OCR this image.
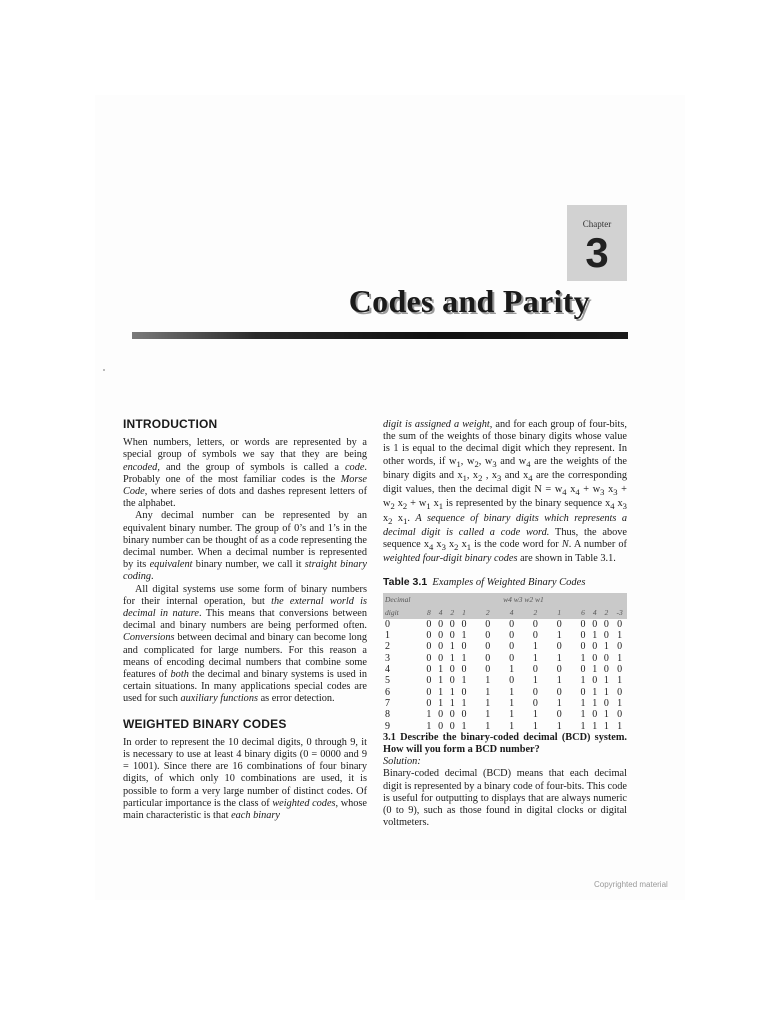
Chapter
3
Codes and Parity
INTRODUCTION

When numbers, letters, or words are represented by a special group of symbols we say that they are being encoded, and the group of symbols is called a code. Probably one of the most familiar codes is the Morse Code, where series of dots and dashes represent letters of the alphabet.

Any decimal number can be represented by an equivalent binary number. The group of 0’s and 1’s in the binary number can be thought of as a code representing the decimal number. When a decimal number is represented by its equivalent binary number, we call it straight binary coding.

All digital systems use some form of binary numbers for their internal operation, but the external world is decimal in nature. This means that conversions between decimal and binary numbers are being performed often. Conversions between decimal and binary can become long and complicated for large numbers. For this reason a means of encoding decimal numbers that combine some features of both the decimal and binary systems is used in certain situations. In many applications special codes are used for such auxiliary functions as error detection.

WEIGHTED BINARY CODES

In order to represent the 10 decimal digits, 0 through 9, it is necessary to use at least 4 binary digits (0 = 0000 and 9 = 1001). Since there are 16 combinations of four binary digits, of which only 10 combinations are used, it is possible to form a very large number of distinct codes. Of particular importance is the class of weighted codes, whose main characteristic is that each binary

digit is assigned a weight, and for each group of four-bits, the sum of the weights of those binary digits whose value is 1 is equal to the decimal digit which they represent. In other words, if $w_1$, $w_2$, $w_3$ and $w_4$ are the weights of the binary digits and $x_1$, $x_2$ , $x_3$ and $x_4$ are the corresponding digit values, then the decimal digit $N = w_4$ $x_4 + w_3$ $x_3 + w_2$ $x_2 + w_1$ $x_1$ is represented by the binary sequence $x_4$ $x_3$ $x_2$ $x_1$. A sequence of binary digits which represents a decimal digit is called a code word. Thus, the above sequence $x_4$ $x_3$ $x_2$ $x_1$ is the code word for N. A number of weighted four-digit binary codes are shown in Table 3.1.

Table 3.1 Examples of Weighted Binary Codes
Decimal						w4 w3 w2 w1								
digit	8	4	2	1		2	4	2	1		6	4	2	-3
0	0	0	0	0		0	0	0	0		0	0	0	0
1	0	0	0	1		0	0	0	1		0	1	0	1
2	0	0	1	0		0	0	1	0		0	0	1	0
3	0	0	1	1		0	0	1	1		1	0	0	1
4	0	1	0	0		0	1	0	0		0	1	0	0
5	0	1	0	1		1	0	1	1		1	0	1	1
6	0	1	1	0		1	1	0	0		0	1	1	0
7	0	1	1	1		1	1	0	1		1	1	0	1
8	1	0	0	0		1	1	1	0		1	0	1	0
9	1	0	0	1		1	1	1	1		1	1	1	1

3.1 Describe the binary-coded decimal (BCD) system. How will you form a BCD number?

Solution:

Binary-coded decimal (BCD) means that each decimal digit is represented by a binary code of four-bits. This code is useful for outputting to displays that are always numeric (0 to 9), such as those found in digital clocks or digital voltmeters.

Copyrighted material
